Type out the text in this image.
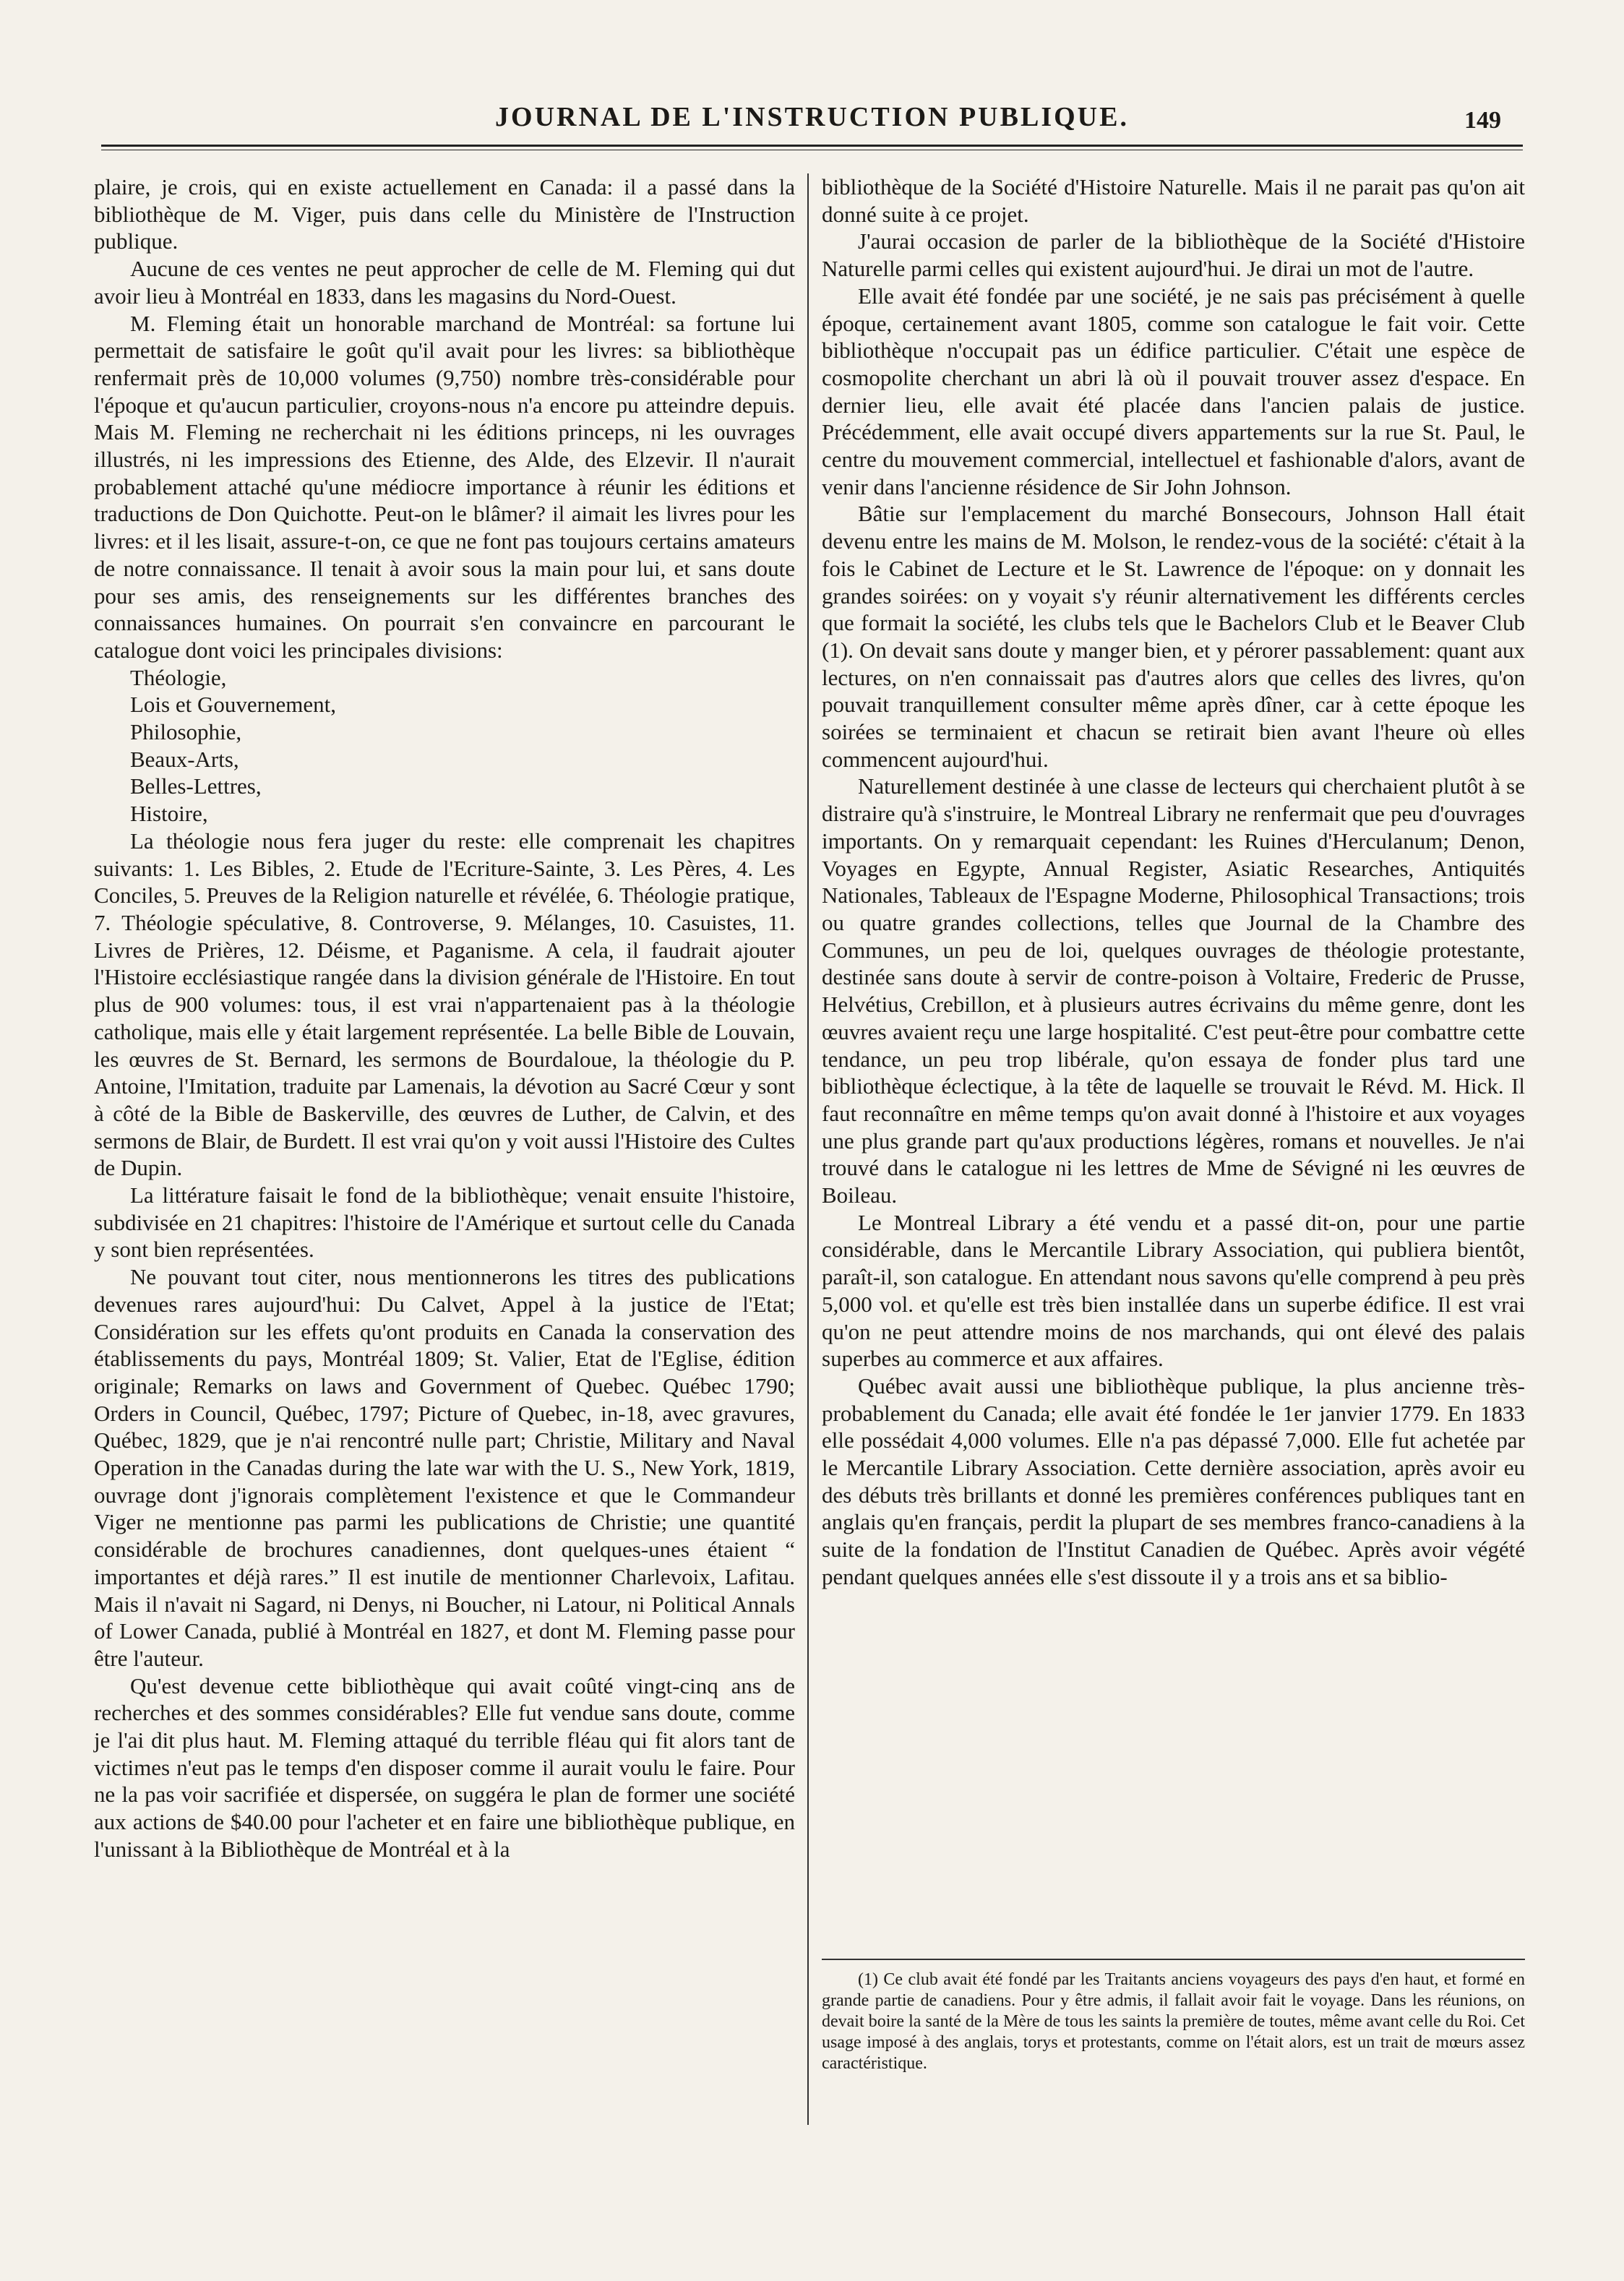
JOURNAL DE L'INSTRUCTION PUBLIQUE.	149

plaire, je crois, qui en existe actuellement en Canada: il a passé dans la bibliothèque de M. Viger, puis dans celle du Ministère de l'Instruction publique.

Aucune de ces ventes ne peut approcher de celle de M. Fleming qui dut avoir lieu à Montréal en 1833, dans les magasins du Nord-Ouest.

M. Fleming était un honorable marchand de Montréal: sa fortune lui permettait de satisfaire le goût qu'il avait pour les livres: sa bibliothèque renfermait près de 10,000 volumes (9,750) nombre très-considérable pour l'époque et qu'aucun particulier, croyons-nous n'a encore pu atteindre depuis. Mais M. Fleming ne recherchait ni les éditions princeps, ni les ouvrages illustrés, ni les impressions des Etienne, des Alde, des Elzevir. Il n'aurait probablement attaché qu'une médiocre importance à réunir les éditions et traductions de Don Quichotte. Peut-on le blâmer? il aimait les livres pour les livres: et il les lisait, assure-t-on, ce que ne font pas toujours certains amateurs de notre connaissance. Il tenait à avoir sous la main pour lui, et sans doute pour ses amis, des renseignements sur les différentes branches des connaissances humaines. On pourrait s'en convaincre en parcourant le catalogue dont voici les principales divisions:

Théologie,
Lois et Gouvernement,
Philosophie,
Beaux-Arts,
Belles-Lettres,
Histoire,

La théologie nous fera juger du reste: elle comprenait les chapitres suivants: 1. Les Bibles, 2. Etude de l'Ecriture-Sainte, 3. Les Pères, 4. Les Conciles, 5. Preuves de la Religion naturelle et révélée, 6. Théologie pratique, 7. Théologie spéculative, 8. Controverse, 9. Mélanges, 10. Casuistes, 11. Livres de Prières, 12. Déisme, et Paganisme. A cela, il faudrait ajouter l'Histoire ecclésiastique rangée dans la division générale de l'Histoire. En tout plus de 900 volumes: tous, il est vrai n'appartenaient pas à la théologie catholique, mais elle y était largement représentée. La belle Bible de Louvain, les œuvres de St. Bernard, les sermons de Bourdaloue, la théologie du P. Antoine, l'Imitation, traduite par Lamenais, la dévotion au Sacré Cœur y sont à côté de la Bible de Baskerville, des œuvres de Luther, de Calvin, et des sermons de Blair, de Burdett. Il est vrai qu'on y voit aussi l'Histoire des Cultes de Dupin.

La littérature faisait le fond de la bibliothèque; venait ensuite l'histoire, subdivisée en 21 chapitres: l'histoire de l'Amérique et surtout celle du Canada y sont bien représentées.

Ne pouvant tout citer, nous mentionnerons les titres des publications devenues rares aujourd'hui: Du Calvet, Appel à la justice de l'Etat; Considération sur les effets qu'ont produits en Canada la conservation des établissements du pays, Montréal 1809; St. Valier, Etat de l'Eglise, édition originale; Remarks on laws and Government of Quebec. Québec 1790; Orders in Council, Québec, 1797; Picture of Quebec, in-18, avec gravures, Québec, 1829, que je n'ai rencontré nulle part; Christie, Military and Naval Operation in the Canadas during the late war with the U. S., New York, 1819, ouvrage dont j'ignorais complètement l'existence et que le Commandeur Viger ne mentionne pas parmi les publications de Christie; une quantité considérable de brochures canadiennes, dont quelques-unes étaient “ importantes et déjà rares.” Il est inutile de mentionner Charlevoix, Lafitau. Mais il n'avait ni Sagard, ni Denys, ni Boucher, ni Latour, ni Political Annals of Lower Canada, publié à Montréal en 1827, et dont M. Fleming passe pour être l'auteur.

Qu'est devenue cette bibliothèque qui avait coûté vingt-cinq ans de recherches et des sommes considérables? Elle fut vendue sans doute, comme je l'ai dit plus haut. M. Fleming attaqué du terrible fléau qui fit alors tant de victimes n'eut pas le temps d'en disposer comme il aurait voulu le faire. Pour ne la pas voir sacrifiée et dispersée, on suggéra le plan de former une société aux actions de $40.00 pour l'acheter et en faire une bibliothèque publique, en l'unissant à la Bibliothèque de Montréal et à la

bibliothèque de la Société d'Histoire Naturelle. Mais il ne parait pas qu'on ait donné suite à ce projet.

J'aurai occasion de parler de la bibliothèque de la Société d'Histoire Naturelle parmi celles qui existent aujourd'hui. Je dirai un mot de l'autre.

Elle avait été fondée par une société, je ne sais pas précisément à quelle époque, certainement avant 1805, comme son catalogue le fait voir. Cette bibliothèque n'occupait pas un édifice particulier. C'était une espèce de cosmopolite cherchant un abri là où il pouvait trouver assez d'espace. En dernier lieu, elle avait été placée dans l'ancien palais de justice. Précédemment, elle avait occupé divers appartements sur la rue St. Paul, le centre du mouvement commercial, intellectuel et fashionable d'alors, avant de venir dans l'ancienne résidence de Sir John Johnson.

Bâtie sur l'emplacement du marché Bonsecours, Johnson Hall était devenu entre les mains de M. Molson, le rendez-vous de la société: c'était à la fois le Cabinet de Lecture et le St. Lawrence de l'époque: on y donnait les grandes soirées: on y voyait s'y réunir alternativement les différents cercles que formait la société, les clubs tels que le Bachelors Club et le Beaver Club (1). On devait sans doute y manger bien, et y pérorer passablement: quant aux lectures, on n'en connaissait pas d'autres alors que celles des livres, qu'on pouvait tranquillement consulter même après dîner, car à cette époque les soirées se terminaient et chacun se retirait bien avant l'heure où elles commencent aujourd'hui.

Naturellement destinée à une classe de lecteurs qui cherchaient plutôt à se distraire qu'à s'instruire, le Montreal Library ne renfermait que peu d'ouvrages importants. On y remarquait cependant: les Ruines d'Herculanum; Denon, Voyages en Egypte, Annual Register, Asiatic Researches, Antiquités Nationales, Tableaux de l'Espagne Moderne, Philosophical Transactions; trois ou quatre grandes collections, telles que Journal de la Chambre des Communes, un peu de loi, quelques ouvrages de théologie protestante, destinée sans doute à servir de contre-poison à Voltaire, Frederic de Prusse, Helvétius, Crebillon, et à plusieurs autres écrivains du même genre, dont les œuvres avaient reçu une large hospitalité. C'est peut-être pour combattre cette tendance, un peu trop libérale, qu'on essaya de fonder plus tard une bibliothèque éclectique, à la tête de laquelle se trouvait le Révd. M. Hick. Il faut reconnaître en même temps qu'on avait donné à l'histoire et aux voyages une plus grande part qu'aux productions légères, romans et nouvelles. Je n'ai trouvé dans le catalogue ni les lettres de Mme de Sévigné ni les œuvres de Boileau.

Le Montreal Library a été vendu et a passé dit-on, pour une partie considérable, dans le Mercantile Library Association, qui publiera bientôt, paraît-il, son catalogue. En attendant nous savons qu'elle comprend à peu près 5,000 vol. et qu'elle est très bien installée dans un superbe édifice. Il est vrai qu'on ne peut attendre moins de nos marchands, qui ont élevé des palais superbes au commerce et aux affaires.

Québec avait aussi une bibliothèque publique, la plus ancienne très-probablement du Canada; elle avait été fondée le 1er janvier 1779. En 1833 elle possédait 4,000 volumes. Elle n'a pas dépassé 7,000. Elle fut achetée par le Mercantile Library Association. Cette dernière association, après avoir eu des débuts très brillants et donné les premières conférences publiques tant en anglais qu'en français, perdit la plupart de ses membres franco-canadiens à la suite de la fondation de l'Institut Canadien de Québec. Après avoir végété pendant quelques années elle s'est dissoute il y a trois ans et sa biblio-

(1) Ce club avait été fondé par les Traitants anciens voyageurs des pays d'en haut, et formé en grande partie de canadiens. Pour y être admis, il fallait avoir fait le voyage. Dans les réunions, on devait boire la santé de la Mère de tous les saints la première de toutes, même avant celle du Roi. Cet usage imposé à des anglais, torys et protestants, comme on l'était alors, est un trait de mœurs assez caractéristique.
